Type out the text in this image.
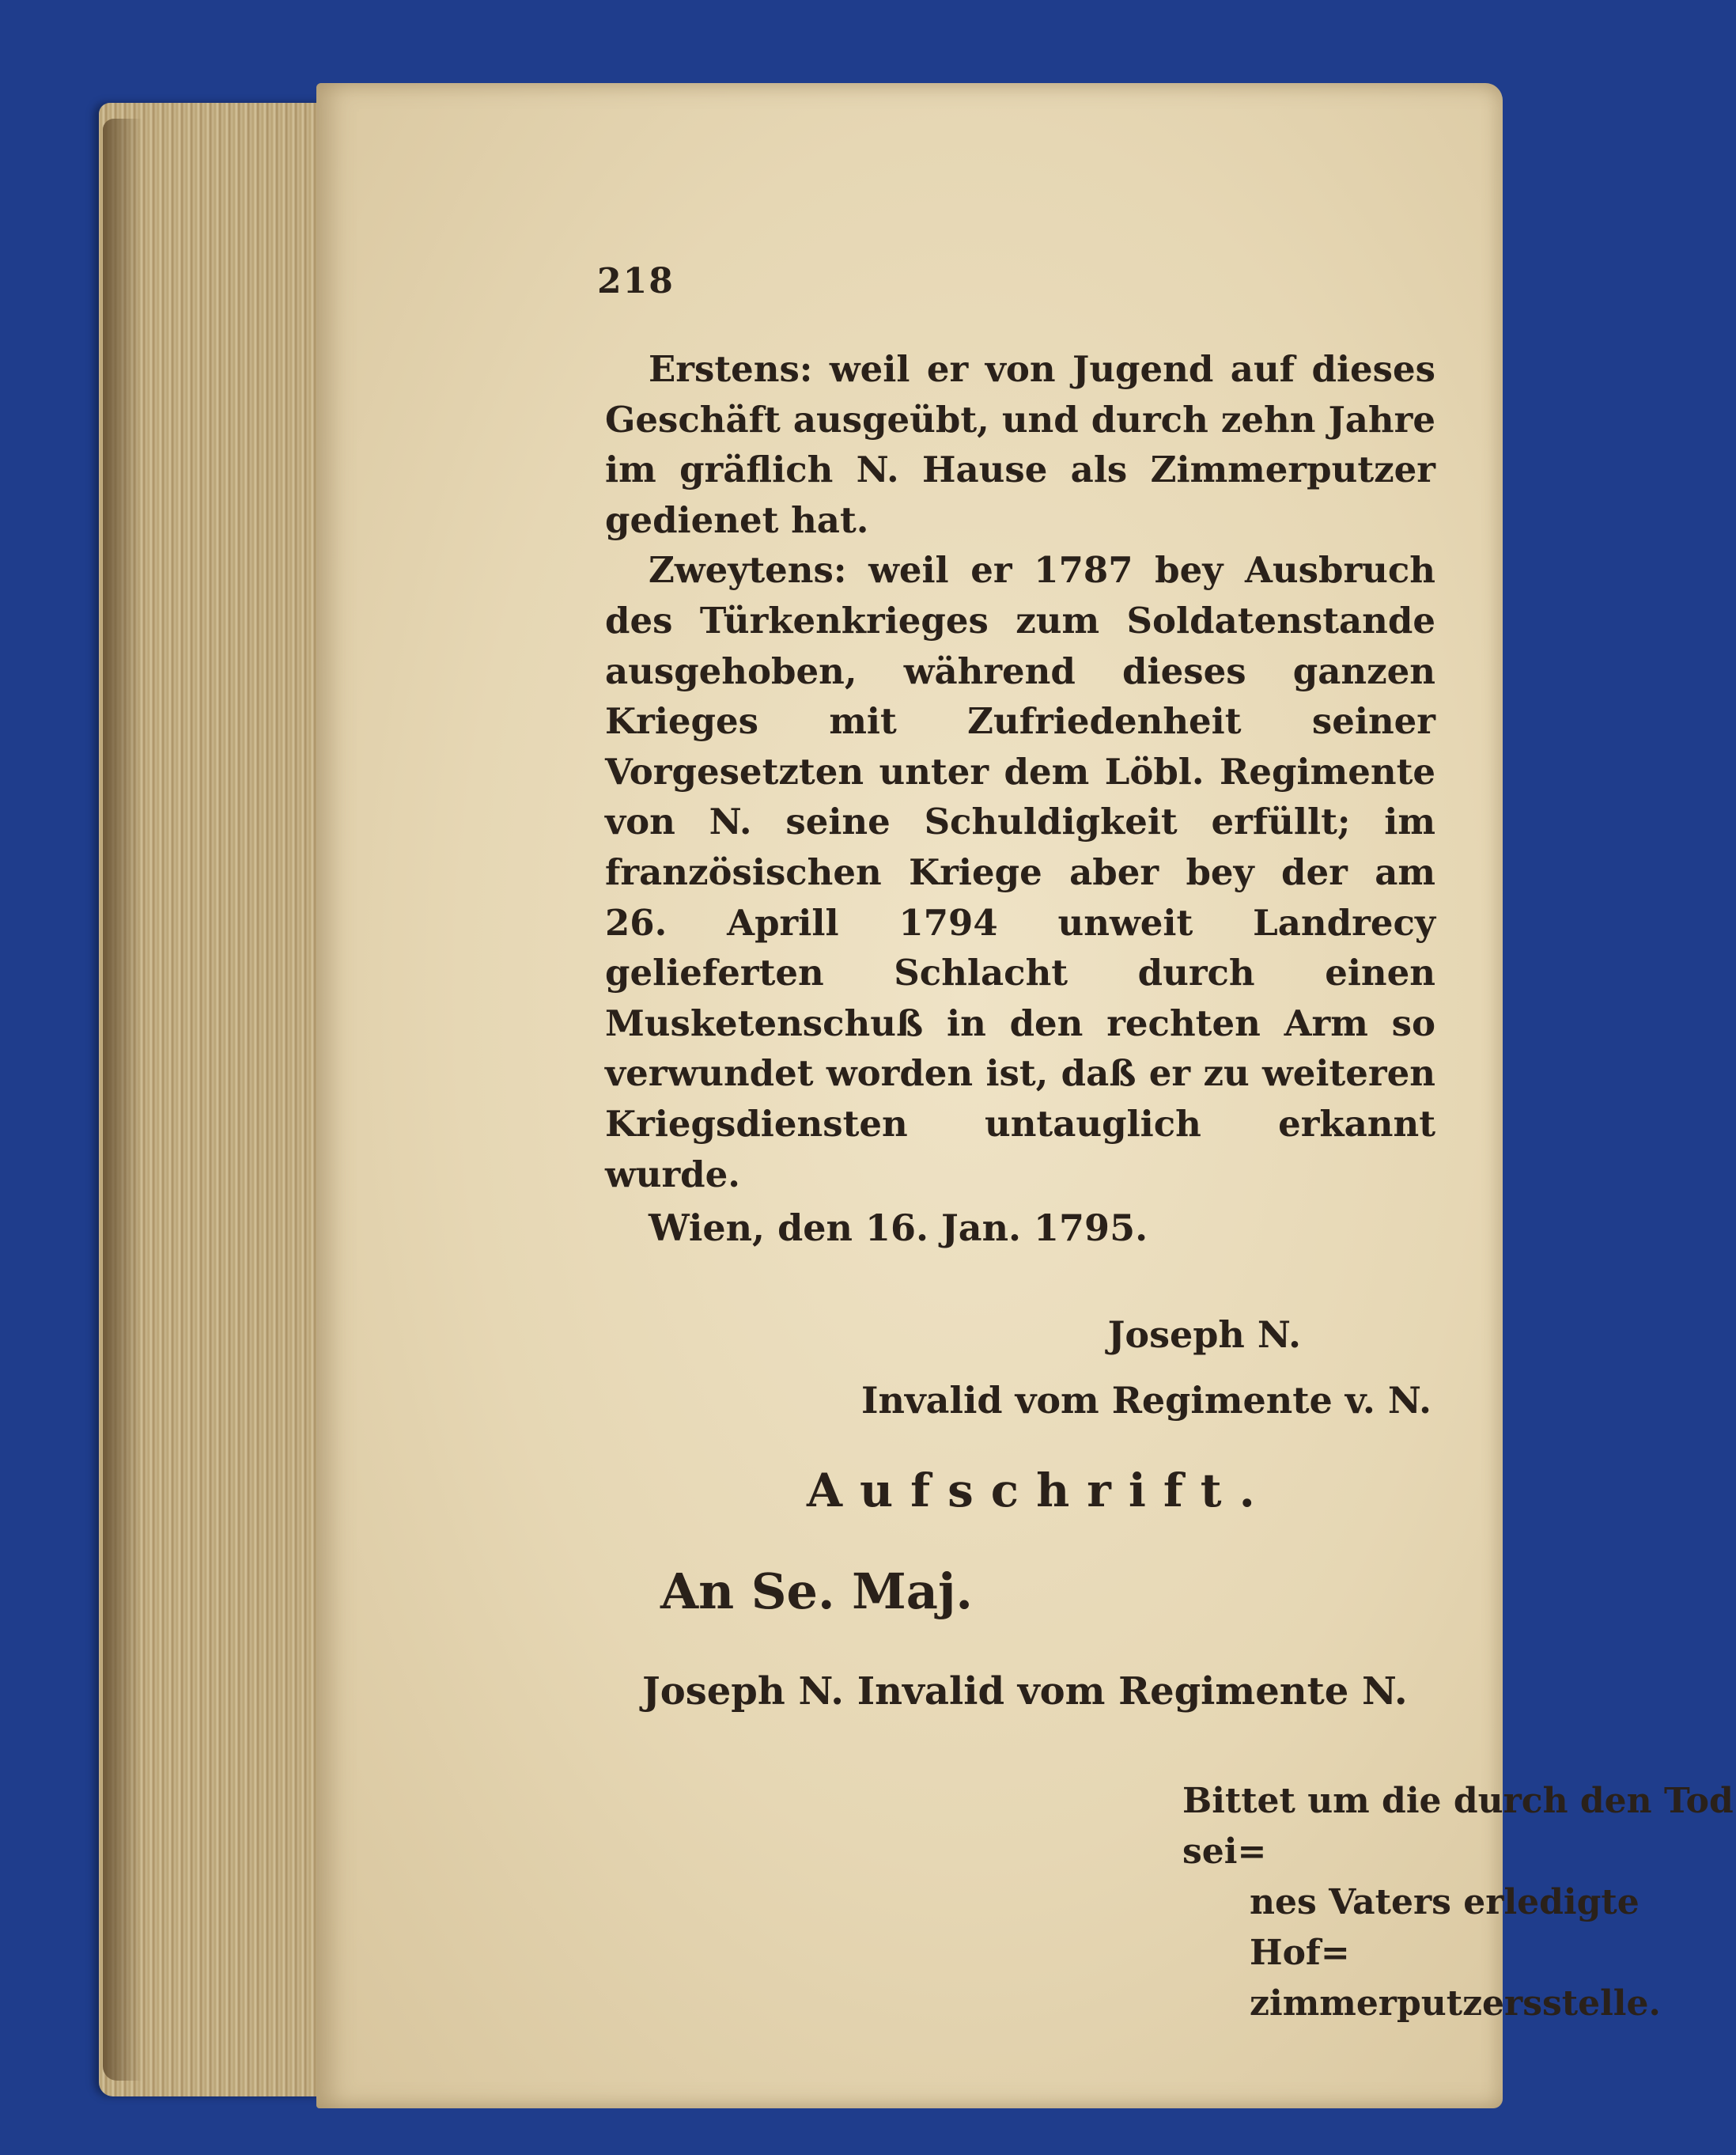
218

Erstens: weil er von Jugend auf dieses Geschäft ausgeübt, und durch zehn Jahre im gräflich N. Hause als Zimmerputzer gedienet hat.

Zweytens: weil er 1787 bey Ausbruch des Türkenkrieges zum Soldatenstande ausgehoben, während dieses ganzen Krieges mit Zufriedenheit seiner Vorgesetzten unter dem Löbl. Regimente von N. seine Schuldigkeit erfüllt; im französischen Kriege aber bey der am 26. Aprill 1794 unweit Landrecy gelieferten Schlacht durch einen Musketenschuß in den rechten Arm so verwundet worden ist, daß er zu weiteren Kriegsdiensten untauglich erkannt wurde.

Wien, den 16. Jan. 1795.
Joseph N.
Invalid vom Regimente v. N.
Aufschrift.
An Se. Maj.
Joseph N. Invalid vom Regimente N.

Bittet um die durch den Tod sei=
nes Vaters erledigte Hof=
zimmerputzersstelle.
